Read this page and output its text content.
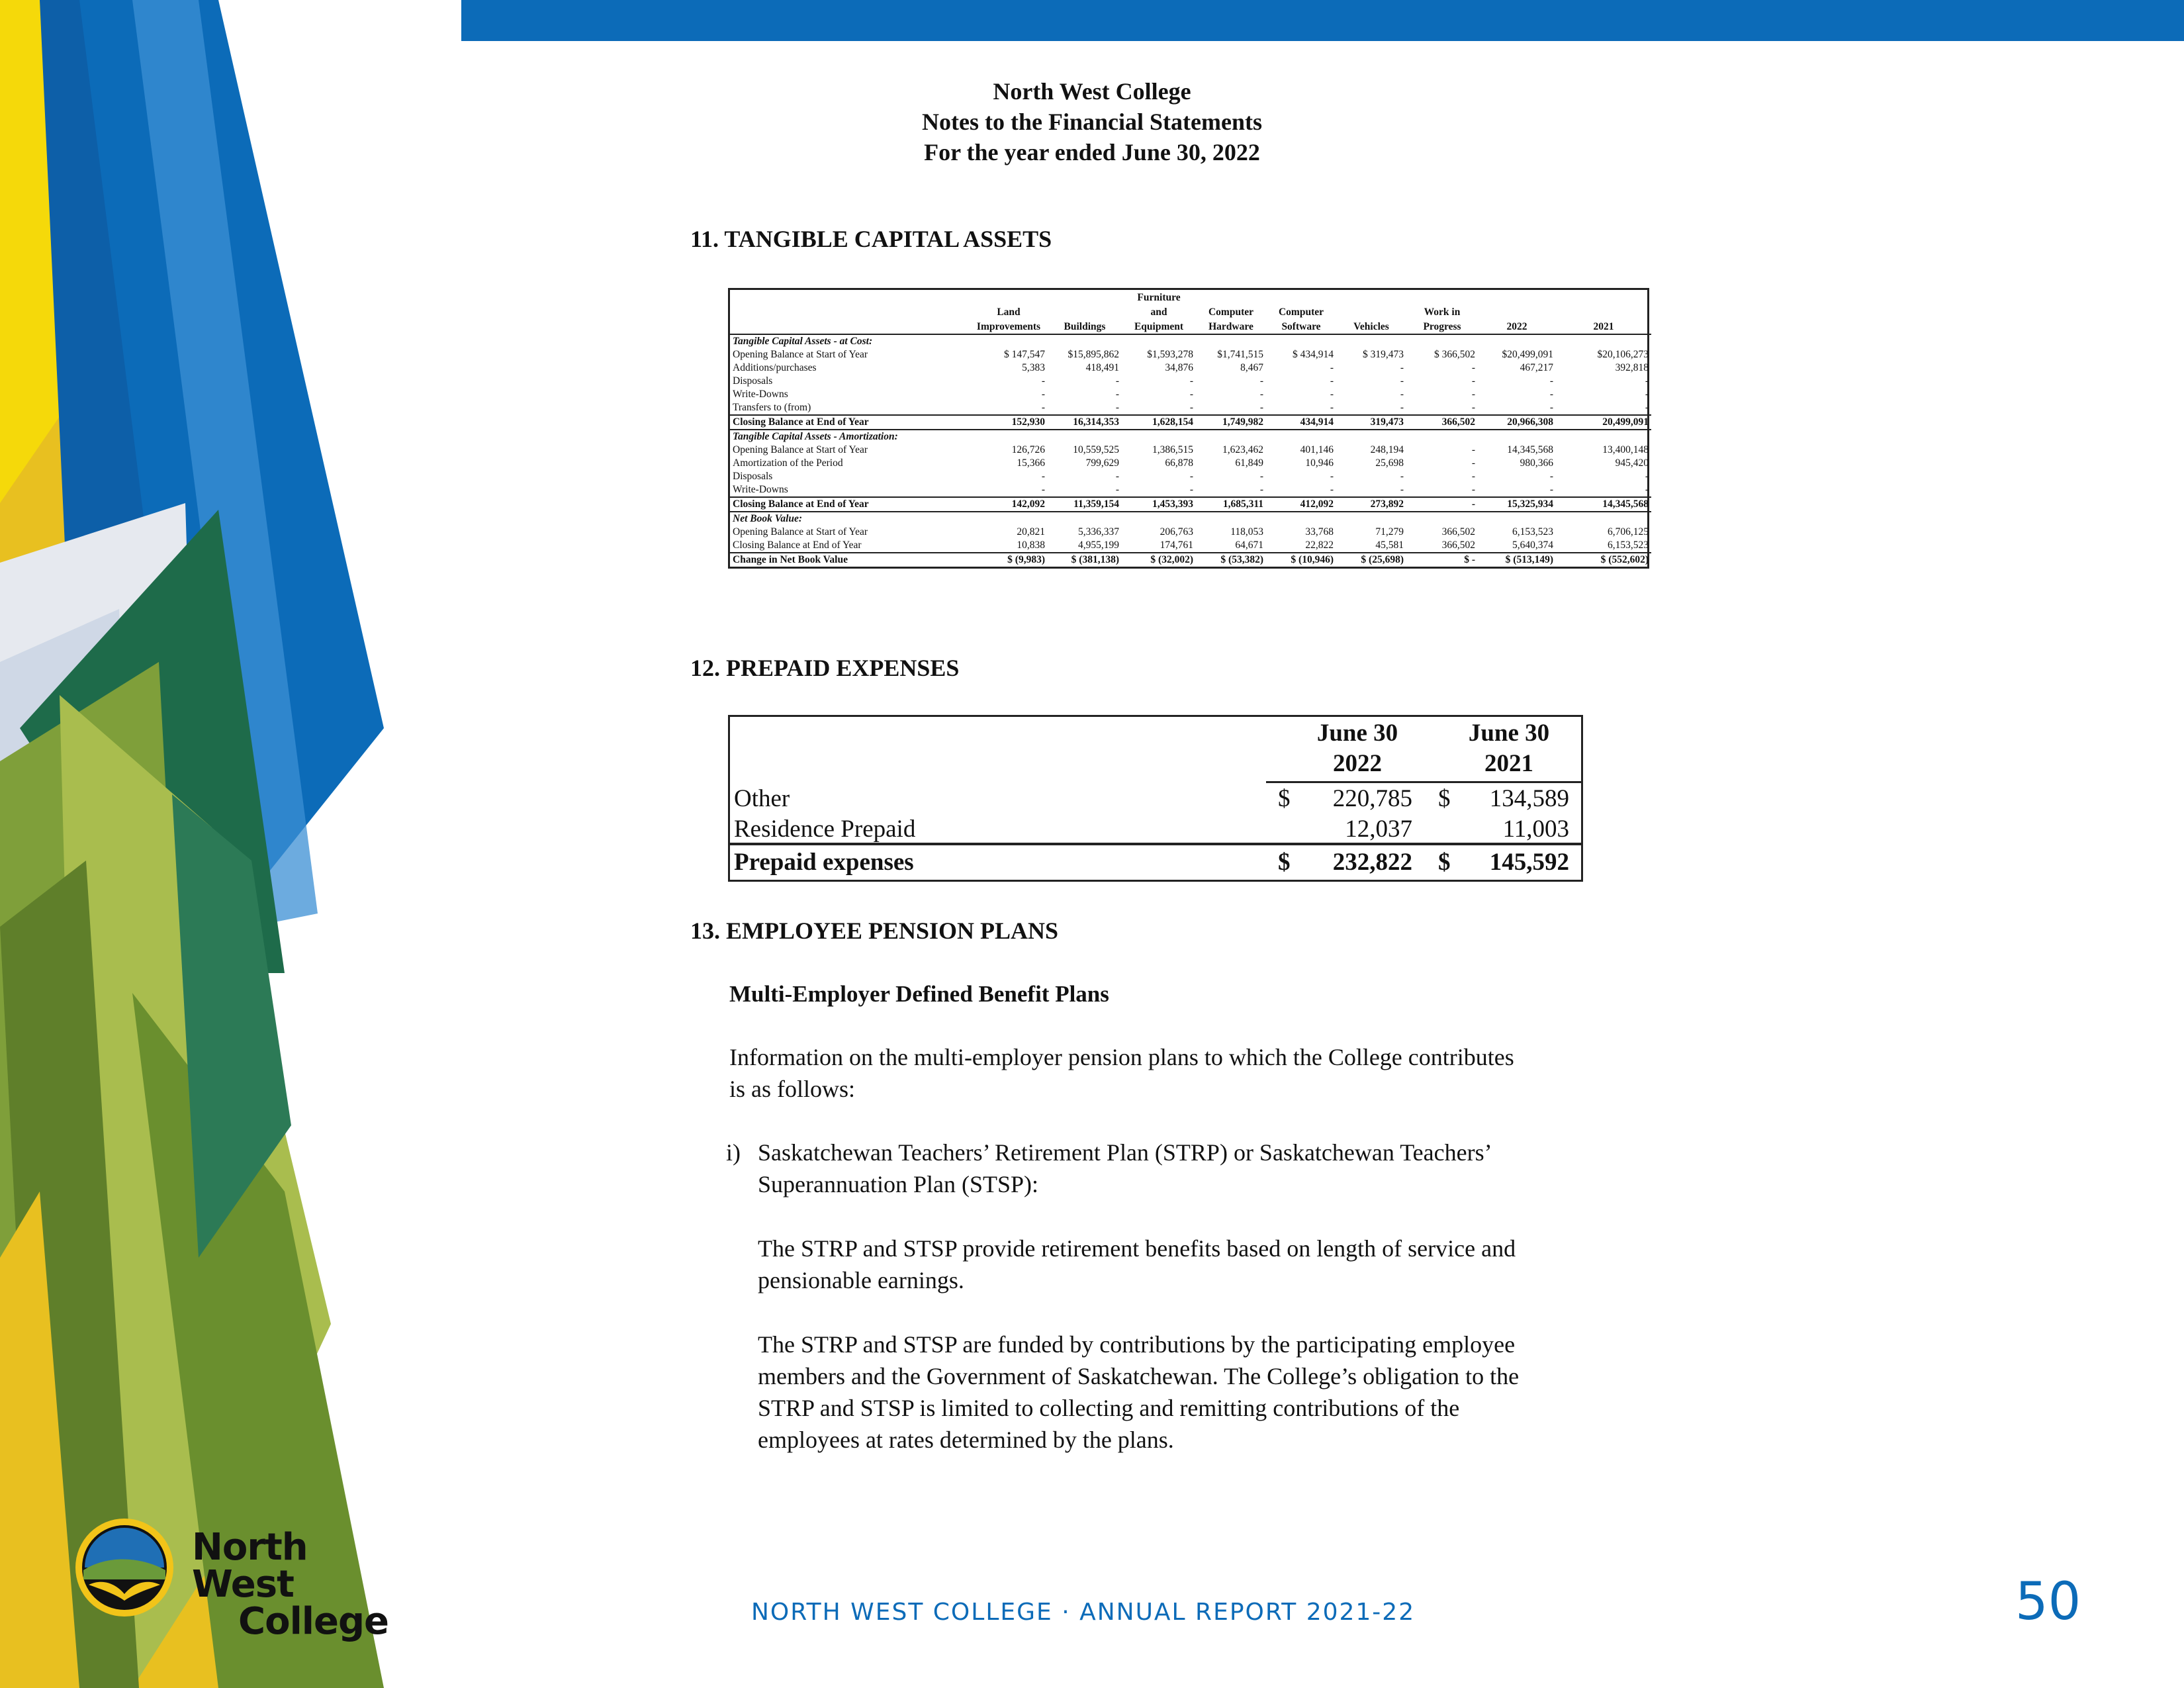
North West College
Notes to the Financial Statements
For the year ended June 30, 2022
11. TANGIBLE CAPITAL ASSETS
			Furniture						
	Land		and	Computer	Computer		Work in		
	Improvements	Buildings	Equipment	Hardware	Software	Vehicles	Progress	2022	2021
Tangible Capital Assets - at Cost:									
Opening Balance at Start of Year	$ 147,547	$15,895,862	$1,593,278	$1,741,515	$ 434,914	$ 319,473	$ 366,502	$20,499,091	$20,106,273
Additions/purchases	5,383	418,491	34,876	8,467	-	-	-	467,217	392,818
Disposals	-	-	-	-	-	-	-	-	-
Write-Downs	-	-	-	-	-	-	-	-	-
Transfers to (from)	-	-	-	-	-	-	-	-	-
Closing Balance at End of Year	152,930	16,314,353	1,628,154	1,749,982	434,914	319,473	366,502	20,966,308	20,499,091
Tangible Capital Assets - Amortization:									
Opening Balance at Start of Year	126,726	10,559,525	1,386,515	1,623,462	401,146	248,194	-	14,345,568	13,400,148
Amortization of the Period	15,366	799,629	66,878	61,849	10,946	25,698	-	980,366	945,420
Disposals	-	-	-	-	-	-	-	-	-
Write-Downs	-	-	-	-	-	-	-	-	-
Closing Balance at End of Year	142,092	11,359,154	1,453,393	1,685,311	412,092	273,892	-	15,325,934	14,345,568
Net Book Value:									
Opening Balance at Start of Year	20,821	5,336,337	206,763	118,053	33,768	71,279	366,502	6,153,523	6,706,125
Closing Balance at End of Year	10,838	4,955,199	174,761	64,671	22,822	45,581	366,502	5,640,374	6,153,523
Change in Net Book Value	$ (9,983)	$ (381,138)	$ (32,002)	$ (53,382)	$ (10,946)	$ (25,698)	$ -	$ (513,149)	$ (552,602)
12. PREPAID EXPENSES
June 30
2022
June 30
2021
Other	$ 220,785 $ 134,589
Residence Prepaid	12,037	11,003
Prepaid expenses	$ 232,822 $ 145,592
13. EMPLOYEE PENSION PLANS
Multi-Employer Defined Benefit Plans
Information on the multi-employer pension plans to which the College contributes
is as follows:
i) Saskatchewan Teachers’ Retirement Plan (STRP) or Saskatchewan Teachers’
Superannuation Plan (STSP):
The STRP and STSP provide retirement benefits based on length of service and
pensionable earnings.
The STRP and STSP are funded by contributions by the participating employee
members and the Government of Saskatchewan. The College’s obligation to the
STRP and STSP is limited to collecting and remitting contributions of the
employees at rates determined by the plans.
North West
College	NORTH WEST COLLEGE · ANNUAL REPORT 2021-22	50
